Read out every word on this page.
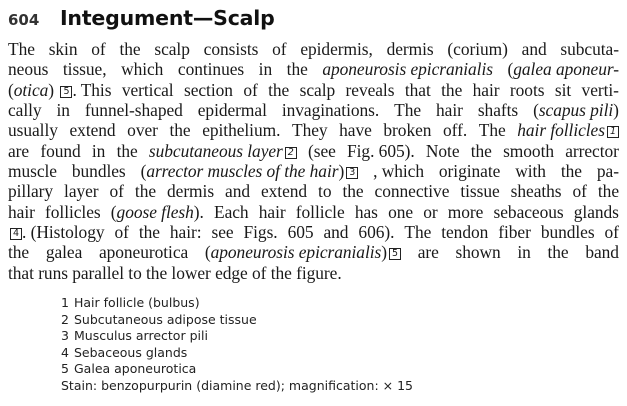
604	Integument—Scalp
The skin of the scalp consists of epidermis, dermis (corium) and subcuta-
neous tissue, which continues in the aponeurosis epicranialis (galea aponeur-
(otica) 5 . This vertical section of the scalp reveals that the hair roots sit verti-
cally in funnel-shaped epidermal invaginations. The hair shafts (scapus pili)
usually extend over the epithelium. They have broken off. The hair follicles 1
are found in the subcutaneous layer 2 (see Fig. 605). Note the smooth arrector
muscle bundles (arrector muscles of the hair) 3 , which originate with the pa-
pillary layer of the dermis and extend to the connective tissue sheaths of the
hair follicles (goose flesh). Each hair follicle has one or more sebaceous glands
4 . (Histology of the hair: see Figs. 605 and 606). The tendon fiber bundles of
the galea aponeurotica (aponeurosis epicranialis) 5 are shown in the band
that runs parallel to the lower edge of the figure.
1 Hair follicle (bulbus)
2 Subcutaneous adipose tissue
3 Musculus arrector pili
4 Sebaceous glands
5 Galea aponeurotica
Stain: benzopurpurin (diamine red); magnification: × 15
